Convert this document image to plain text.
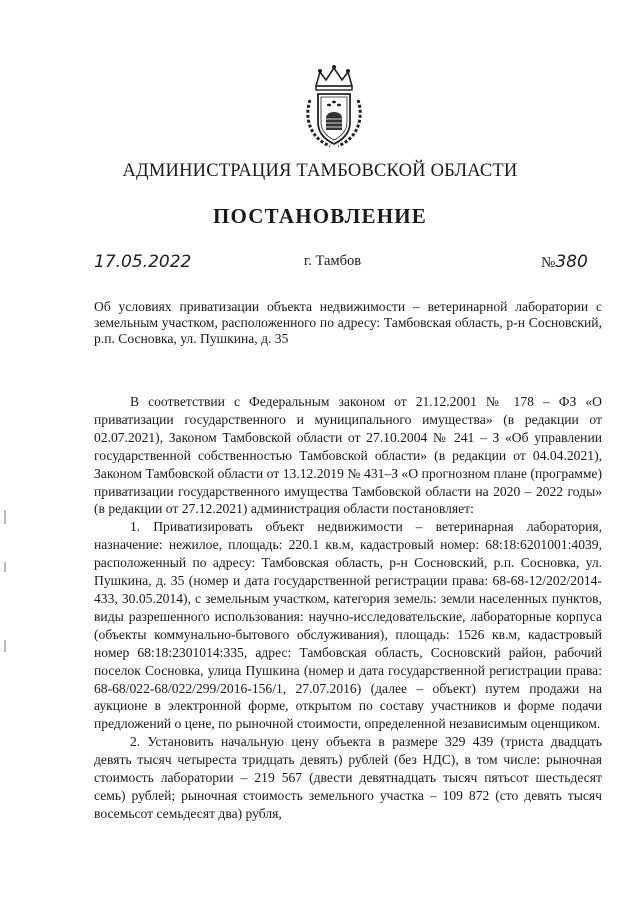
АДМИНИСТРАЦИЯ ТАМБОВСКОЙ ОБЛАСТИ
ПОСТАНОВЛЕНИЕ
17.05.2022	г. Тамбов	№380
Об условиях приватизации объекта недвижимости – ветеринарной лаборатории с земельным участком, расположенного по адресу: Тамбовская область, р-н Сосновский, р.п. Сосновка, ул. Пушкина, д. 35

В соответствии с Федеральным законом от 21.12.2001 № 178 – ФЗ «О приватизации государственного и муниципального имущества» (в редакции от 02.07.2021), Законом Тамбовской области от 27.10.2004 № 241 – З «Об управлении государственной собственностью Тамбовской области» (в редакции от 04.04.2021), Законом Тамбовской области от 13.12.2019 № 431–З «О прогнозном плане (программе) приватизации государственного имущества Тамбовской области на 2020 – 2022 годы» (в редакции от 27.12.2021) администрация области постановляет:

1. Приватизировать объект недвижимости – ветеринарная лаборатория, назначение: нежилое, площадь: 220.1 кв.м, кадастровый номер: 68:18:6201001:4039, расположенный по адресу: Тамбовская область, р-н Сосновский, р.п. Сосновка, ул. Пушкина, д. 35 (номер и дата государственной регистрации права: 68-68-12/202/2014-433, 30.05.2014), с земельным участком, категория земель: земли населенных пунктов, виды разрешенного использования: научно-исследовательские, лабораторные корпуса (объекты коммунально-бытового обслуживания), площадь: 1526 кв.м, кадастровый номер 68:18:2301014:335, адрес: Тамбовская область, Сосновский район, рабочий поселок Сосновка, улица Пушкина (номер и дата государственной регистрации права: 68-68/022-68/022/299/2016-156/1, 27.07.2016) (далее – объект) путем продажи на аукционе в электронной форме, открытом по составу участников и форме подачи предложений о цене, по рыночной стоимости, определенной независимым оценщиком.

2. Установить начальную цену объекта в размере 329 439 (триста двадцать девять тысяч четыреста тридцать девять) рублей (без НДС), в том числе: рыночная стоимость лаборатории – 219 567 (двести девятнадцать тысяч пятьсот шестьдесят семь) рублей; рыночная стоимость земельного участка – 109 872 (сто девять тысяч восемьсот семьдесят два) рубля,
